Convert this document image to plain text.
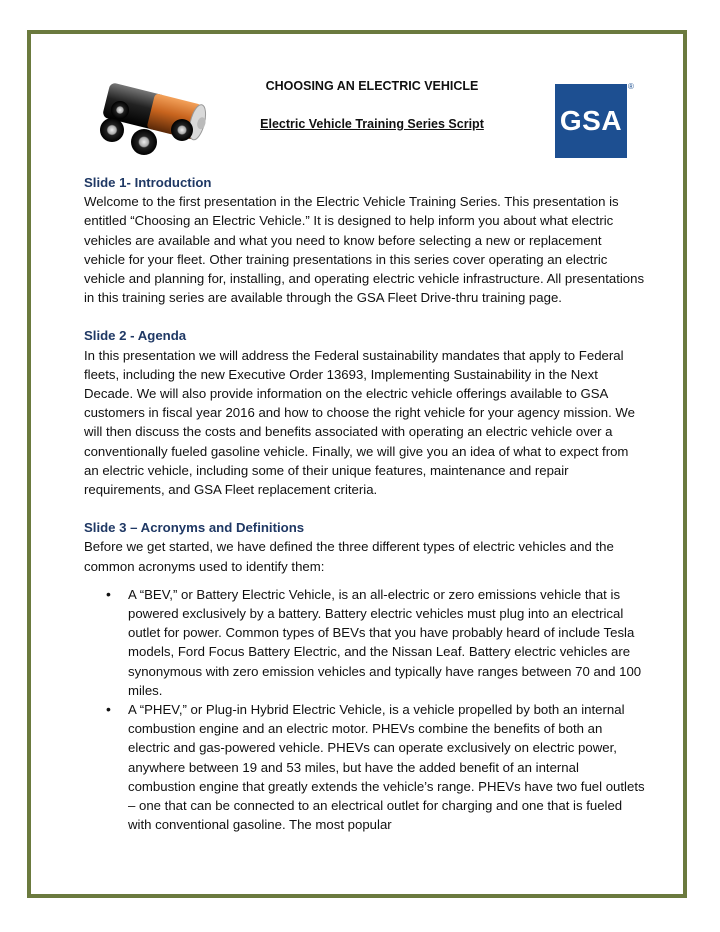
CHOOSING AN ELECTRIC VEHICLE
Electric Vehicle Training Series Script	GSA
®

Slide 1- Introduction

Welcome to the first presentation in the Electric Vehicle Training Series. This presentation is entitled “Choosing an Electric Vehicle.” It is designed to help inform you about what electric vehicles are available and what you need to know before selecting a new or replacement vehicle for your fleet. Other training presentations in this series cover operating an electric vehicle and planning for, installing, and operating electric vehicle infrastructure. All presentations in this training series are available through the GSA Fleet Drive-thru training page.

Slide 2 - Agenda

In this presentation we will address the Federal sustainability mandates that apply to Federal fleets, including the new Executive Order 13693, Implementing Sustainability in the Next Decade. We will also provide information on the electric vehicle offerings available to GSA customers in fiscal year 2016 and how to choose the right vehicle for your agency mission. We will then discuss the costs and benefits associated with operating an electric vehicle over a conventionally fueled gasoline vehicle. Finally, we will give you an idea of what to expect from an electric vehicle, including some of their unique features, maintenance and repair requirements, and GSA Fleet replacement criteria.

Slide 3 – Acronyms and Definitions

Before we get started, we have defined the three different types of electric vehicles and the common acronyms used to identify them:

• A “BEV,” or Battery Electric Vehicle, is an all-electric or zero emissions vehicle that is powered exclusively by a battery. Battery electric vehicles must plug into an electrical outlet for power. Common types of BEVs that you have probably heard of include Tesla models, Ford Focus Battery Electric, and the Nissan Leaf. Battery electric vehicles are synonymous with zero emission vehicles and typically have ranges between 70 and 100 miles.
• A “PHEV,” or Plug-in Hybrid Electric Vehicle, is a vehicle propelled by both an internal combustion engine and an electric motor. PHEVs combine the benefits of both an electric and gas-powered vehicle. PHEVs can operate exclusively on electric power, anywhere between 19 and 53 miles, but have the added benefit of an internal combustion engine that greatly extends the vehicle’s range. PHEVs have two fuel outlets – one that can be connected to an electrical outlet for charging and one that is fueled with conventional gasoline. The most popular
